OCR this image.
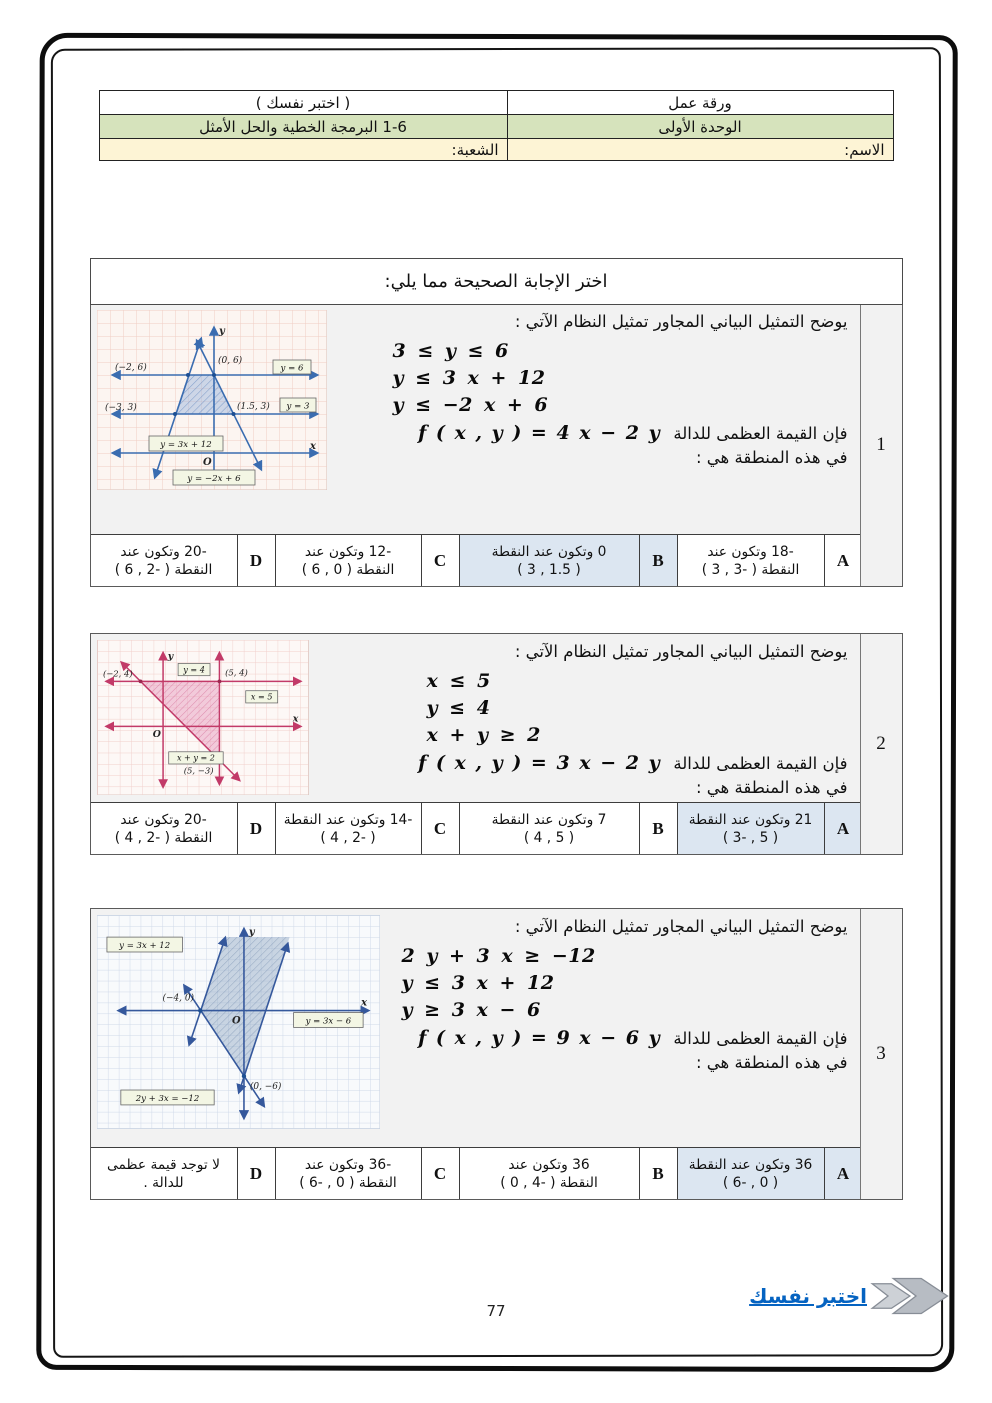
ورقة عمل	( اختبر نفسك )
الوحدة الأولى	1-6 البرمجة الخطية والحل الأمثل
الاسم:	الشعبة:
اختر الإجابة الصحيحة مما يلي:
y = 6
y = 3
y = 3x + 12
y = −2x + 6
(−2, 6)
(0, 6)
(−3, 3)	(1.5, 3)
y
x
O
يوضح التمثيل البياني المجاور تمثيل النظام الآتي :
3 ≤ y ≤ 6
y ≤ 3 x + 12
y ≤ −2 x + 6
فإن القيمة العظمى للدالة f ( x , y ) = 4 x − 2 y
في هذه المنطقة هي :
-20 وتكون عند
النقطة ( -2 , 6 )	D	-12 وتكون عند
النقطة ( 0 , 6 )	C	0 وتكون عند النقطة
( 1.5 , 3 )	B	-18 وتكون عند
النقطة ( -3 , 3 )	A
1
y = 4
x = 5
x + y = 2
(5, 4)
(−2, 4)
(5, −3)
y
x
O
يوضح التمثيل البياني المجاور تمثيل النظام الآتي :
x ≤ 5
y ≤ 4
x + y ≥ 2
فإن القيمة العظمى للدالة f ( x , y ) = 3 x − 2 y
في هذه المنطقة هي :
-20 وتكون عند
النقطة ( -2 , 4 )	D	-14 وتكون عند النقطة
( -2 , 4 )	C	7 وتكون عند النقطة
( 5 , 4 )	B	21 وتكون عند النقطة
( 5 , -3 )	A
2
y = 3x + 12
y = 3x − 6
2y + 3x = −12
(−4, 0)
(0, −6)
y
x
O
يوضح التمثيل البياني المجاور تمثيل النظام الآتي :
2 y + 3 x ≥ −12
y ≤ 3 x + 12
y ≥ 3 x − 6
فإن القيمة العظمى للدالة f ( x , y ) = 9 x − 6 y
في هذه المنطقة هي :
لا توجد قيمة عظمى
للدالة .	D	-36 وتكون عند
النقطة ( 0 , -6 )	C	36 وتكون عند
النقطة ( -4 , 0 )	B	36 وتكون عند النقطة
( 0 , -6 )	A
3
77
اختبر نفسك
